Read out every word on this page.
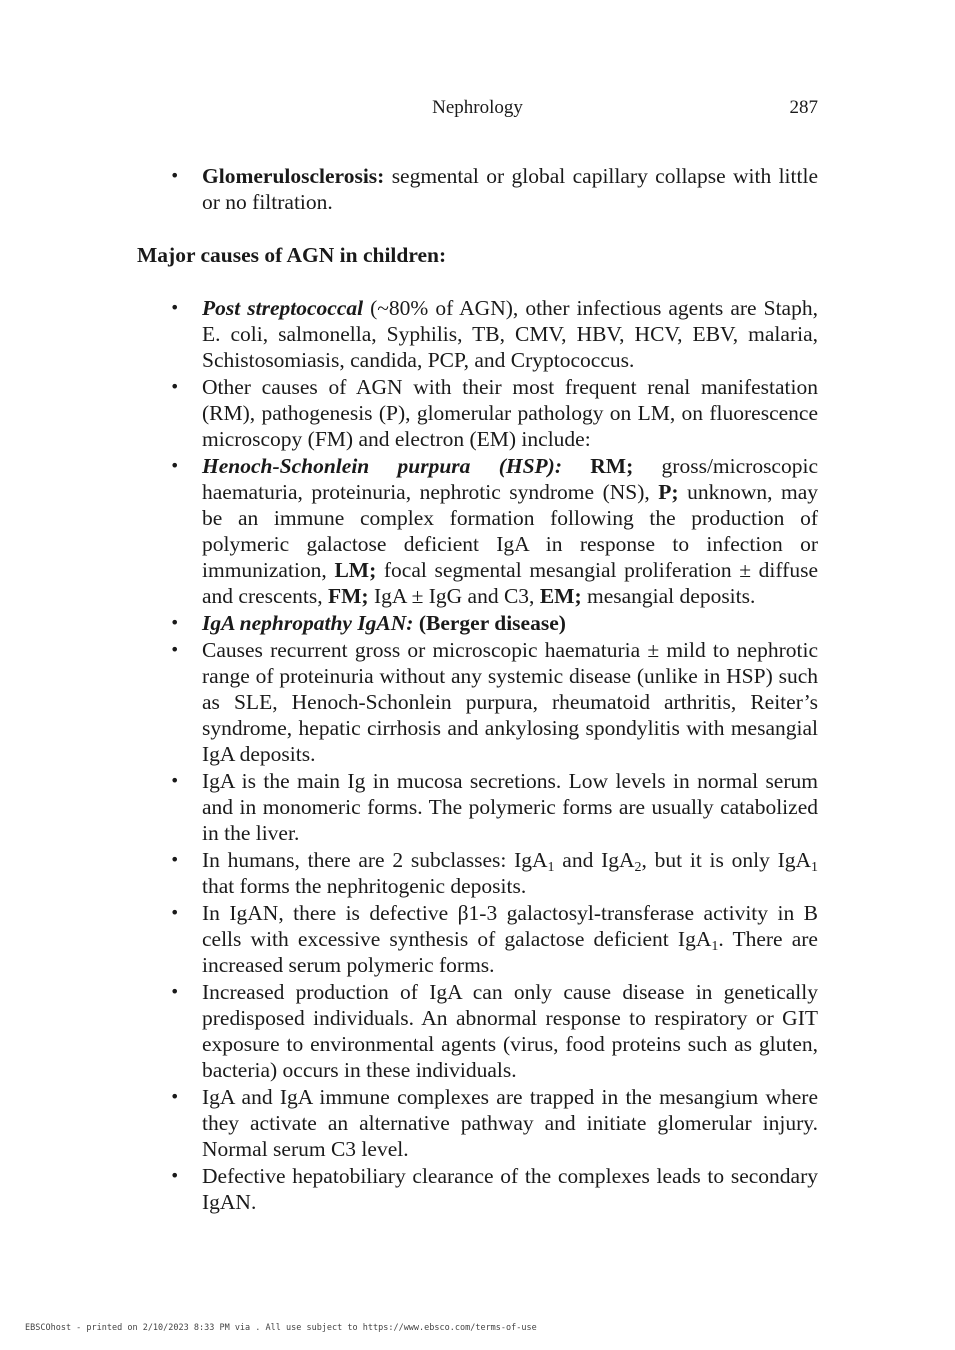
Nephrology	287
• Glomerulosclerosis: segmental or global capillary collapse with little or no filtration.
Major causes of AGN in children:
• Post streptococcal (~80% of AGN), other infectious agents are Staph, E. coli, salmonella, Syphilis, TB, CMV, HBV, HCV, EBV, malaria, Schistosomiasis, candida, PCP, and Cryptococcus.
• Other causes of AGN with their most frequent renal manifestation (RM), pathogenesis (P), glomerular pathology on LM, on fluorescence microscopy (FM) and electron (EM) include:
• Henoch-Schonlein purpura (HSP): RM; gross/microscopic haematuria, proteinuria, nephrotic syndrome (NS), P; unknown, may be an immune complex formation following the production of polymeric galactose deficient IgA in response to infection or immunization, LM; focal segmental mesangial proliferation ± diffuse and crescents, FM; IgA ± IgG and C3, EM; mesangial deposits.
• IgA nephropathy IgAN: (Berger disease)
• Causes recurrent gross or microscopic haematuria ± mild to nephrotic range of proteinuria without any systemic disease (unlike in HSP) such as SLE, Henoch-Schonlein purpura, rheumatoid arthritis, Reiter’s syndrome, hepatic cirrhosis and ankylosing spondylitis with mesangial IgA deposits.
• IgA is the main Ig in mucosa secretions. Low levels in normal serum and in monomeric forms. The polymeric forms are usually catabolized in the liver.
• In humans, there are 2 subclasses: IgA$_1$ and IgA$_2$, but it is only IgA$_1$ that forms the nephritogenic deposits.
• In IgAN, there is defective β1-3 galactosyl-transferase activity in B cells with excessive synthesis of galactose deficient IgA$_1$. There are increased serum polymeric forms.
• Increased production of IgA can only cause disease in genetically predisposed individuals. An abnormal response to respiratory or GIT exposure to environmental agents (virus, food proteins such as gluten, bacteria) occurs in these individuals.
• IgA and IgA immune complexes are trapped in the mesangium where they activate an alternative pathway and initiate glomerular injury. Normal serum C3 level.
• Defective hepatobiliary clearance of the complexes leads to secondary IgAN.
EBSCOhost - printed on 2/10/2023 8:33 PM via . All use subject to https://www.ebsco.com/terms-of-use
